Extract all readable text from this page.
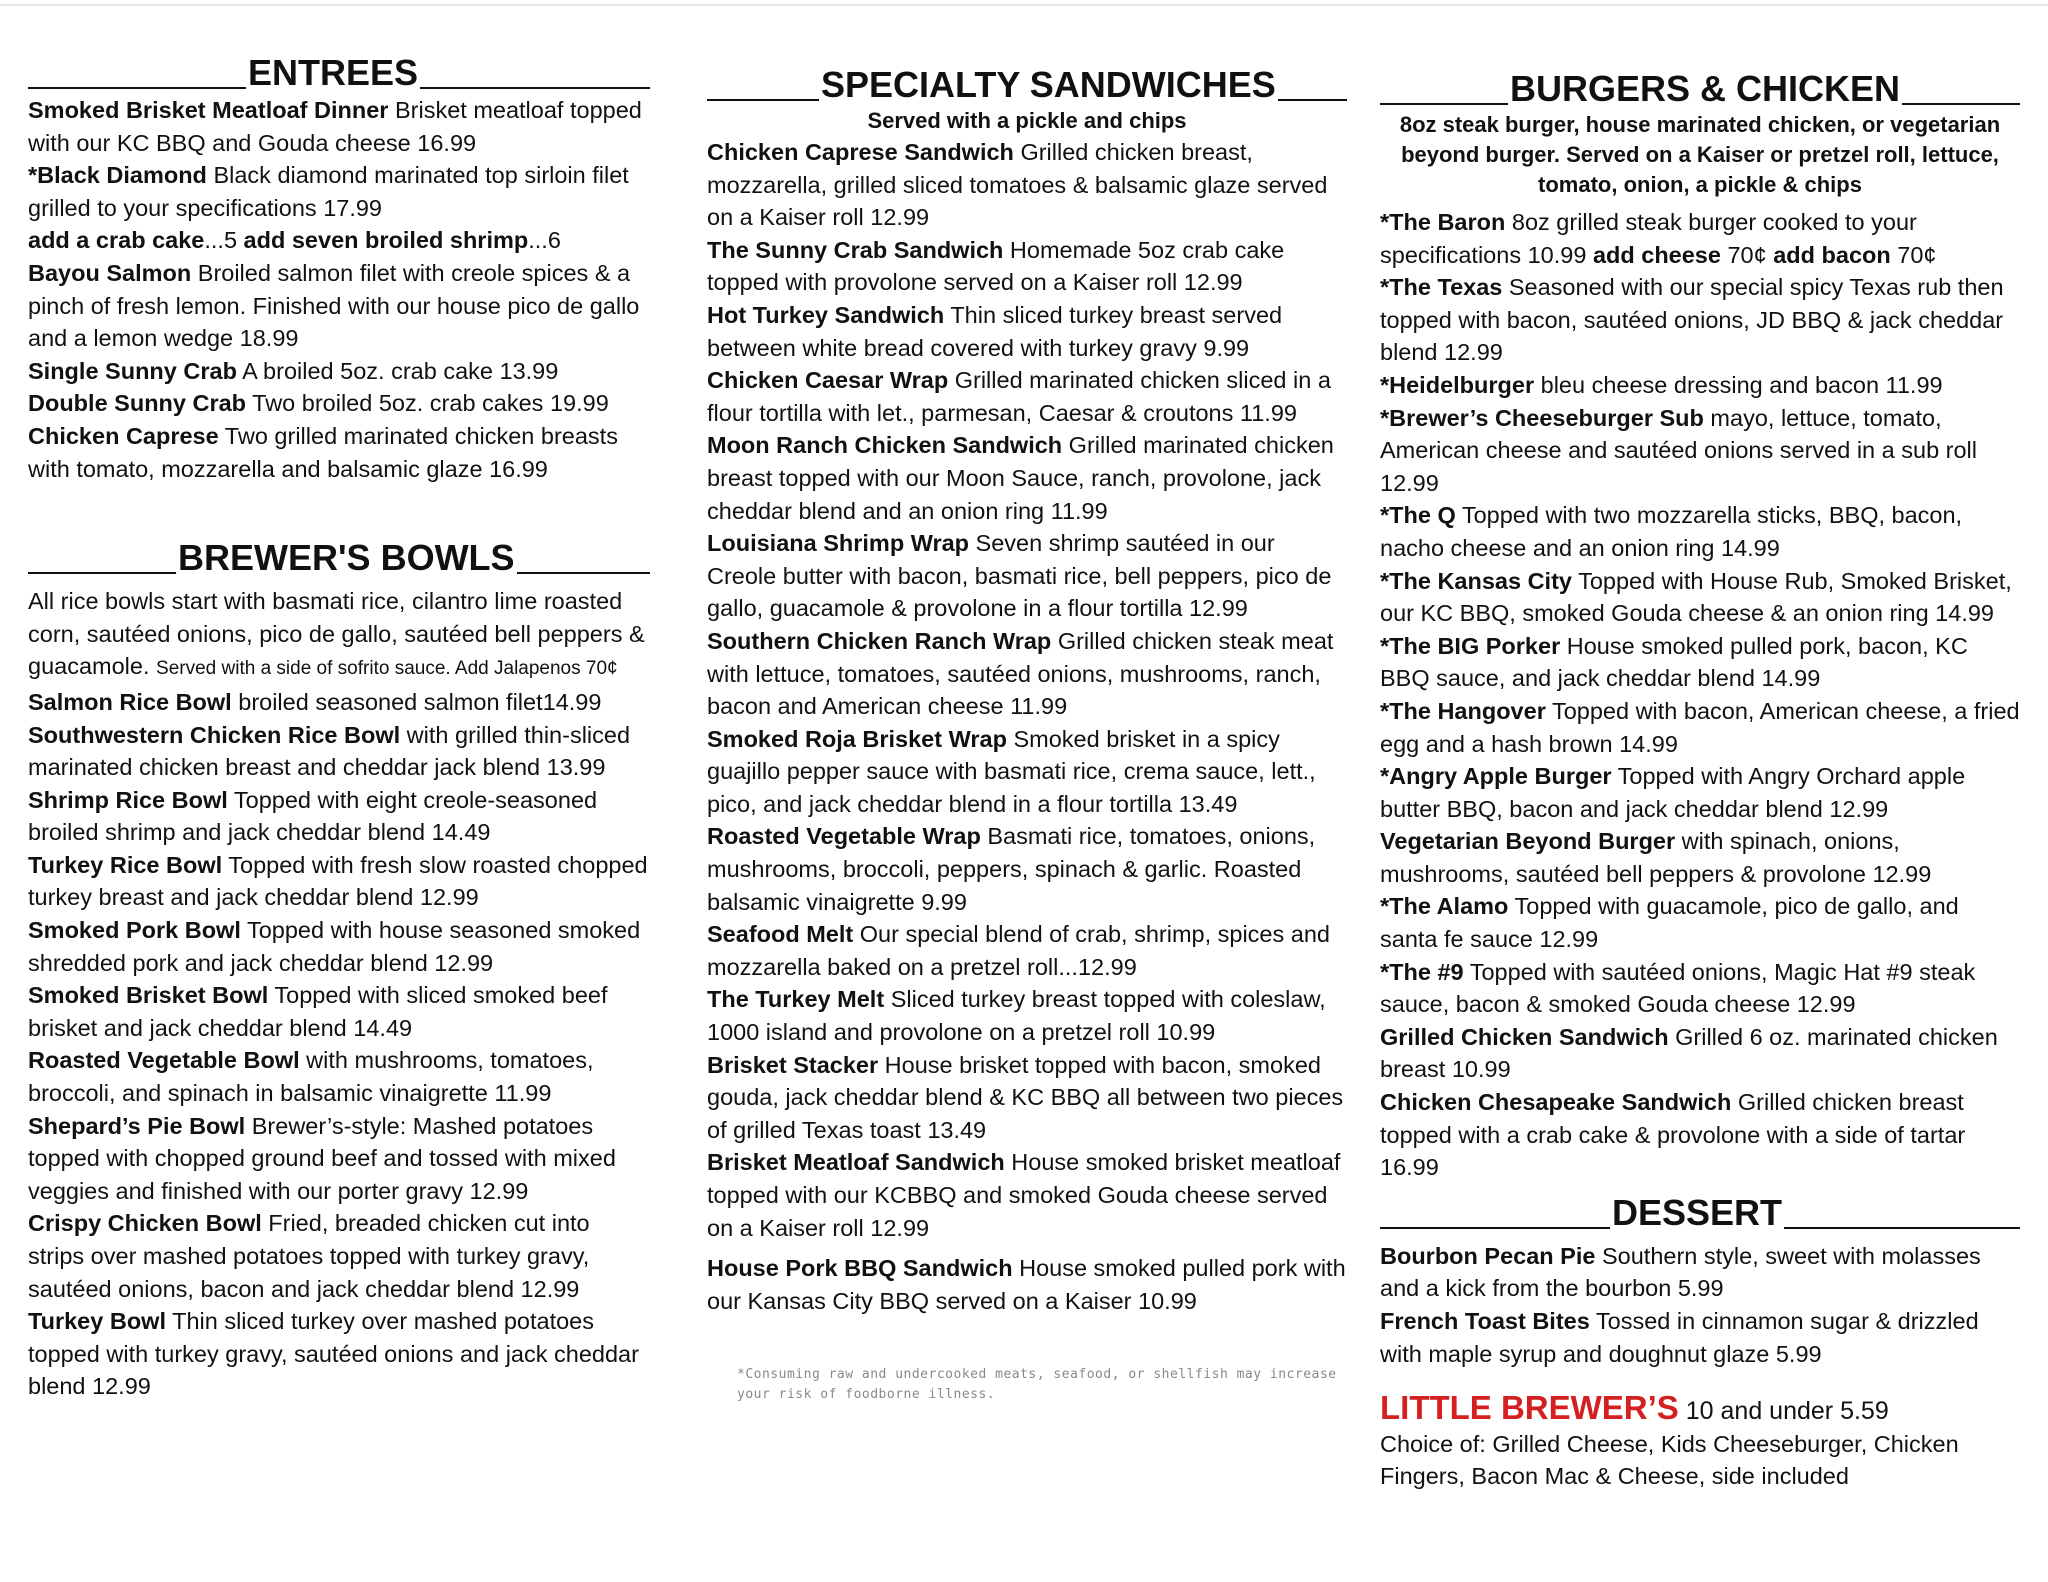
ENTREES

Smoked Brisket Meatloaf Dinner Brisket meatloaf topped with our KC BBQ and Gouda cheese 16.99

*Black Diamond Black diamond marinated top sirloin filet grilled to your specifications 17.99

add a crab cake...5 add seven broiled shrimp...6

Bayou Salmon Broiled salmon filet with creole spices & a pinch of fresh lemon. Finished with our house pico de gallo and a lemon wedge 18.99

Single Sunny Crab A broiled 5oz. crab cake 13.99

Double Sunny Crab Two broiled 5oz. crab cakes 19.99

Chicken Caprese Two grilled marinated chicken breasts with tomato, mozzarella and balsamic glaze 16.99

BREWER'S BOWLS

All rice bowls start with basmati rice, cilantro lime roasted corn, sautéed onions, pico de gallo, sautéed bell peppers & guacamole. Served with a side of sofrito sauce. Add Jalapenos 70¢

Salmon Rice Bowl broiled seasoned salmon filet14.99

Southwestern Chicken Rice Bowl with grilled thin-sliced marinated chicken breast and cheddar jack blend 13.99

Shrimp Rice Bowl Topped with eight creole-seasoned broiled shrimp and jack cheddar blend 14.49

Turkey Rice Bowl Topped with fresh slow roasted chopped turkey breast and jack cheddar blend 12.99

Smoked Pork Bowl Topped with house seasoned smoked shredded pork and jack cheddar blend 12.99

Smoked Brisket Bowl Topped with sliced smoked beef brisket and jack cheddar blend 14.49

Roasted Vegetable Bowl with mushrooms, tomatoes, broccoli, and spinach in balsamic vinaigrette 11.99

Shepard’s Pie Bowl Brewer’s-style: Mashed potatoes topped with chopped ground beef and tossed with mixed veggies and finished with our porter gravy 12.99

Crispy Chicken Bowl Fried, breaded chicken cut into strips over mashed potatoes topped with turkey gravy, sautéed onions, bacon and jack cheddar blend 12.99

Turkey Bowl Thin sliced turkey over mashed potatoes topped with turkey gravy, sautéed onions and jack cheddar blend 12.99

SPECIALTY SANDWICHES
Served with a pickle and chips

Chicken Caprese Sandwich Grilled chicken breast, mozzarella, grilled sliced tomatoes & balsamic glaze served on a Kaiser roll 12.99

The Sunny Crab Sandwich Homemade 5oz crab cake topped with provolone served on a Kaiser roll 12.99

Hot Turkey Sandwich Thin sliced turkey breast served between white bread covered with turkey gravy 9.99

Chicken Caesar Wrap Grilled marinated chicken sliced in a flour tortilla with let., parmesan, Caesar & croutons 11.99

Moon Ranch Chicken Sandwich Grilled marinated chicken breast topped with our Moon Sauce, ranch, provolone, jack cheddar blend and an onion ring 11.99

Louisiana Shrimp Wrap Seven shrimp sautéed in our Creole butter with bacon, basmati rice, bell peppers, pico de gallo, guacamole & provolone in a flour tortilla 12.99

Southern Chicken Ranch Wrap Grilled chicken steak meat with lettuce, tomatoes, sautéed onions, mushrooms, ranch, bacon and American cheese 11.99

Smoked Roja Brisket Wrap Smoked brisket in a spicy guajillo pepper sauce with basmati rice, crema sauce, lett., pico, and jack cheddar blend in a flour tortilla 13.49

Roasted Vegetable Wrap Basmati rice, tomatoes, onions, mushrooms, broccoli, peppers, spinach & garlic. Roasted balsamic vinaigrette 9.99

Seafood Melt Our special blend of crab, shrimp, spices and mozzarella baked on a pretzel roll...12.99

The Turkey Melt Sliced turkey breast topped with coleslaw, 1000 island and provolone on a pretzel roll 10.99

Brisket Stacker House brisket topped with bacon, smoked gouda, jack cheddar blend & KC BBQ all between two pieces of grilled Texas toast 13.49

Brisket Meatloaf Sandwich House smoked brisket meatloaf topped with our KCBBQ and smoked Gouda cheese served on a Kaiser roll 12.99

House Pork BBQ Sandwich House smoked pulled pork with our Kansas City BBQ served on a Kaiser 10.99

*Consuming raw and undercooked meats, seafood, or shellfish may increase your risk of foodborne illness.
BURGERS & CHICKEN
8oz steak burger, house marinated chicken, or vegetarian beyond burger. Served on a Kaiser or pretzel roll, lettuce, tomato, onion, a pickle & chips

*The Baron 8oz grilled steak burger cooked to your specifications 10.99 add cheese 70¢ add bacon 70¢

*The Texas Seasoned with our special spicy Texas rub then topped with bacon, sautéed onions, JD BBQ & jack cheddar blend 12.99

*Heidelburger bleu cheese dressing and bacon 11.99

*Brewer’s Cheeseburger Sub mayo, lettuce, tomato, American cheese and sautéed onions served in a sub roll 12.99

*The Q Topped with two mozzarella sticks, BBQ, bacon, nacho cheese and an onion ring 14.99

*The Kansas City Topped with House Rub, Smoked Brisket, our KC BBQ, smoked Gouda cheese & an onion ring 14.99

*The BIG Porker House smoked pulled pork, bacon, KC BBQ sauce, and jack cheddar blend 14.99

*The Hangover Topped with bacon, American cheese, a fried egg and a hash brown 14.99

*Angry Apple Burger Topped with Angry Orchard apple butter BBQ, bacon and jack cheddar blend 12.99

Vegetarian Beyond Burger with spinach, onions, mushrooms, sautéed bell peppers & provolone 12.99

*The Alamo Topped with guacamole, pico de gallo, and santa fe sauce 12.99

*The #9 Topped with sautéed onions, Magic Hat #9 steak sauce, bacon & smoked Gouda cheese 12.99

Grilled Chicken Sandwich Grilled 6 oz. marinated chicken breast 10.99

Chicken Chesapeake Sandwich Grilled chicken breast topped with a crab cake & provolone with a side of tartar 16.99

DESSERT

Bourbon Pecan Pie Southern style, sweet with molasses and a kick from the bourbon 5.99

French Toast Bites Tossed in cinnamon sugar & drizzled with maple syrup and doughnut glaze 5.99

LITTLE BREWER’S 10 and under 5.59

Choice of: Grilled Cheese, Kids Cheeseburger, Chicken Fingers, Bacon Mac & Cheese, side included
